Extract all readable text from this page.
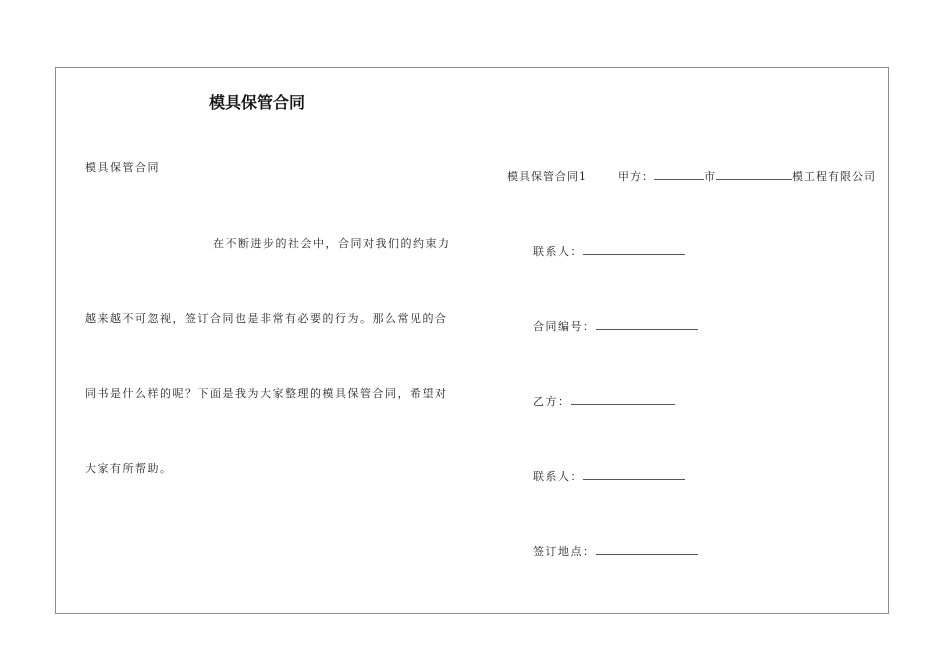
模具保管合同
模具保管合同
在不断进步的社会中，合同对我们的约束力
越来越不可忽视，签订合同也是非常有必要的行为。那么常见的合
同书是什么样的呢？下面是我为大家整理的模具保管合同，希望对
大家有所帮助。
模具保管合同1	甲方：	市	模工程有限公司
联系人：
合同编号：
乙方：
联系人：
签订地点：
